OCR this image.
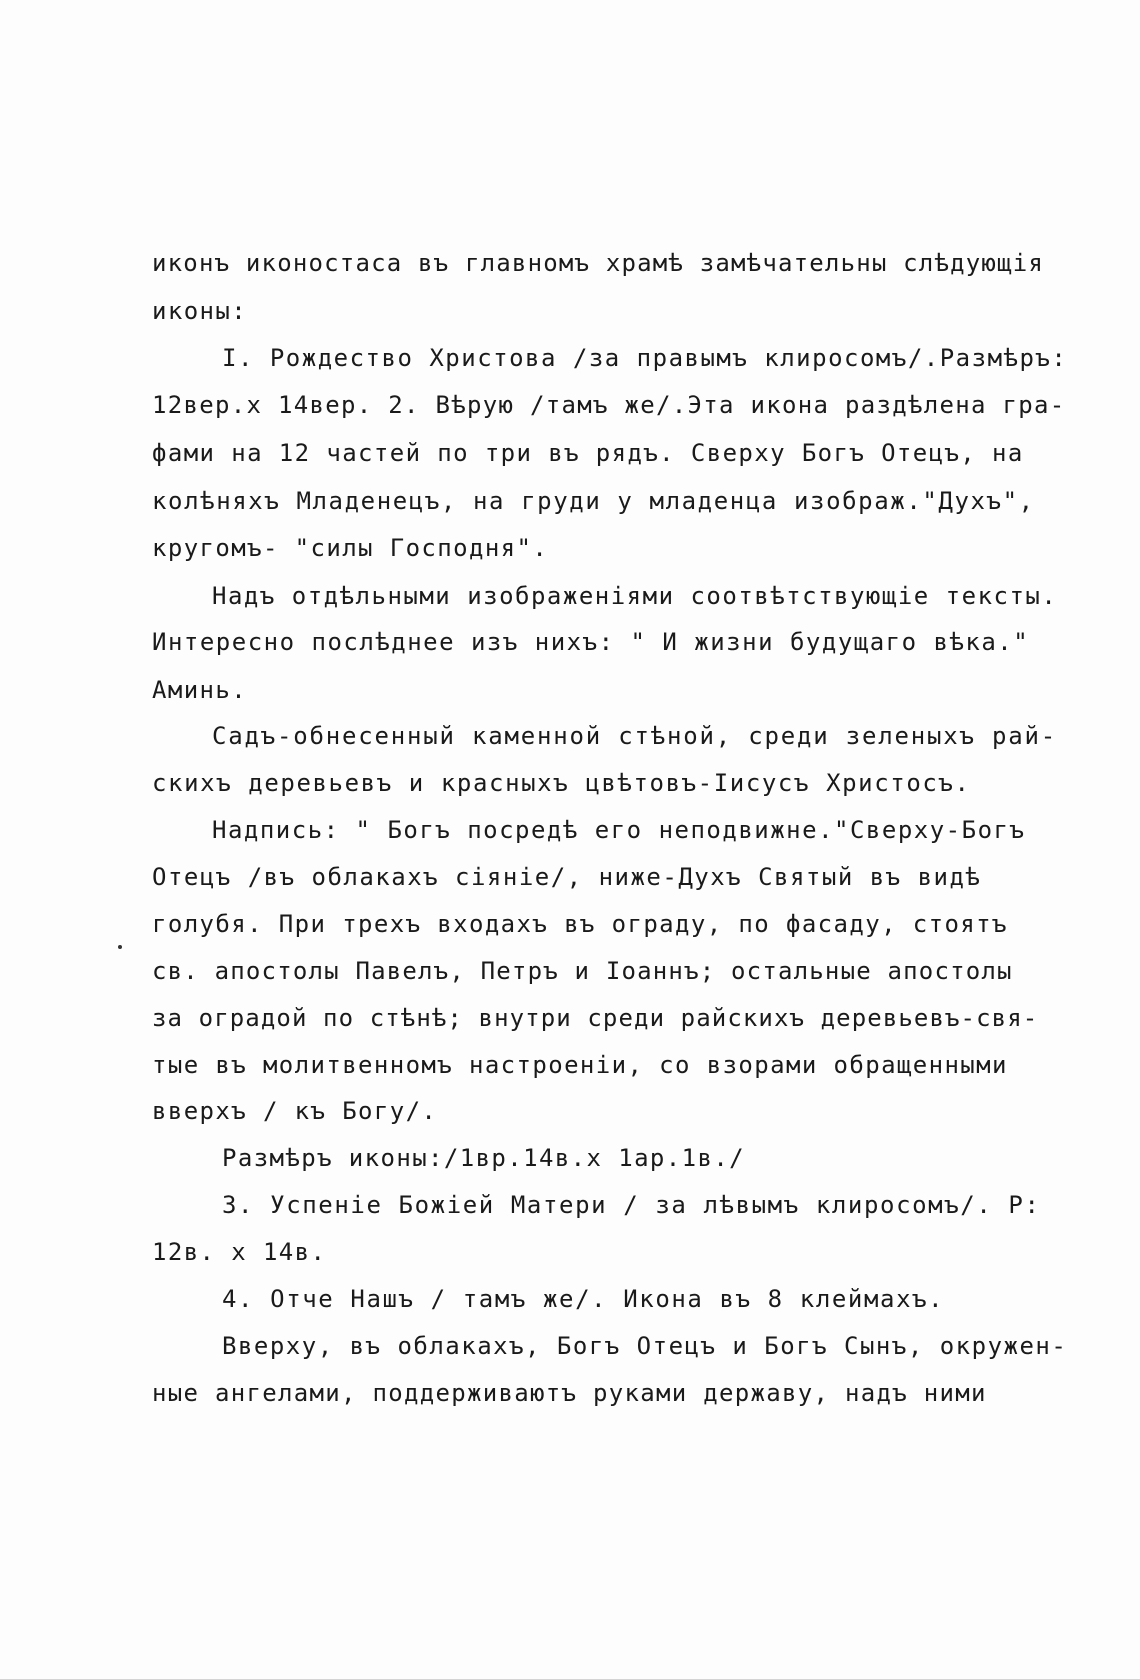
иконъ иконостаса въ главномъ храмѣ замѣчательны слѣдующія
иконы:
I. Рождество Христова /за правымъ клиросомъ/.Размѣръ:
12вер.х 14вер. 2. Вѣрую /тамъ же/.Эта икона раздѣлена гра-
фами на 12 частей по три въ рядъ. Сверху Богъ Отецъ, на
колѣняхъ Младенецъ, на груди у младенца изображ."Духъ",
кругомъ- "силы Господня".
Надъ отдѣльными изображеніями соотвѣтствующіе тексты.
Интересно послѣднее изъ нихъ: " И жизни будущаго вѣка."
Аминь.
Садъ-обнесенный каменной стѣной, среди зеленыхъ рай-
скихъ деревьевъ и красныхъ цвѣтовъ-Іисусъ Христосъ.
Надпись: " Богъ посредѣ его неподвижне."Сверху-Богъ
Отецъ /въ облакахъ сіяніе/, ниже-Духъ Святый въ видѣ
голубя. При трехъ входахъ въ ограду, по фасаду, стоятъ
св. апостолы Павелъ, Петръ и Іоаннъ; остальные апостолы
за оградой по стѣнѣ; внутри среди райскихъ деревьевъ-свя-
тые въ молитвенномъ настроеніи, со взорами обращенными
вверхъ / къ Богу/.
Размѣръ иконы:/1вр.14в.х 1ар.1в./
3. Успеніе Божіей Матери / за лѣвымъ клиросомъ/. Р:
12в. х 14в.
4. Отче Нашъ / тамъ же/. Икона въ 8 клеймахъ.
Вверху, въ облакахъ, Богъ Отецъ и Богъ Сынъ, окружен-
ные ангелами, поддерживаютъ руками державу, надъ ними
